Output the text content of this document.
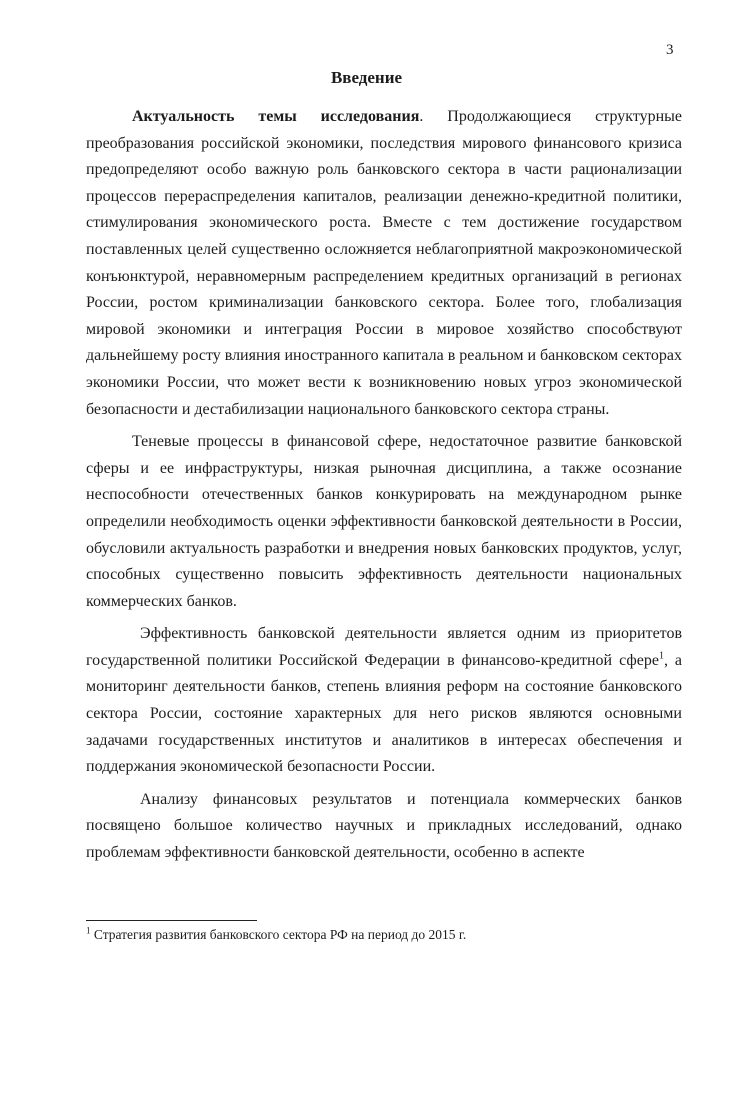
3
Введение

Актуальность темы исследования. Продолжающиеся структурные преобразования российской экономики, последствия мирового финансового кризиса предопределяют особо важную роль банковского сектора в части рационализации процессов перераспределения капиталов, реализации денежно-кредитной политики, стимулирования экономического роста. Вместе с тем достижение государством поставленных целей существенно осложняется неблагоприятной макроэкономической конъюнктурой, неравномерным распределением кредитных организаций в регионах России, ростом криминализации банковского сектора. Более того, глобализация мировой экономики и интеграция России в мировое хозяйство способствуют дальнейшему росту влияния иностранного капитала в реальном и банковском секторах экономики России, что может вести к возникновению новых угроз экономической безопасности и дестабилизации национального банковского сектора страны.

Теневые процессы в финансовой сфере, недостаточное развитие банковской сферы и ее инфраструктуры, низкая рыночная дисциплина, а также осознание неспособности отечественных банков конкурировать на международном рынке определили необходимость оценки эффективности банковской деятельности в России, обусловили актуальность разработки и внедрения новых банковских продуктов, услуг, способных существенно повысить эффективность деятельности национальных коммерческих банков.

Эффективность банковской деятельности является одним из приоритетов государственной политики Российской Федерации в финансово-кредитной сфере$^1$, а мониторинг деятельности банков, степень влияния реформ на состояние банковского сектора России, состояние характерных для него рисков являются основными задачами государственных институтов и аналитиков в интересах обеспечения и поддержания экономической безопасности России.

Анализу финансовых результатов и потенциала коммерческих банков посвящено большое количество научных и прикладных исследований, однако проблемам эффективности банковской деятельности, особенно в аспекте

$^1$ Стратегия развития банковского сектора РФ на период до 2015 г.
